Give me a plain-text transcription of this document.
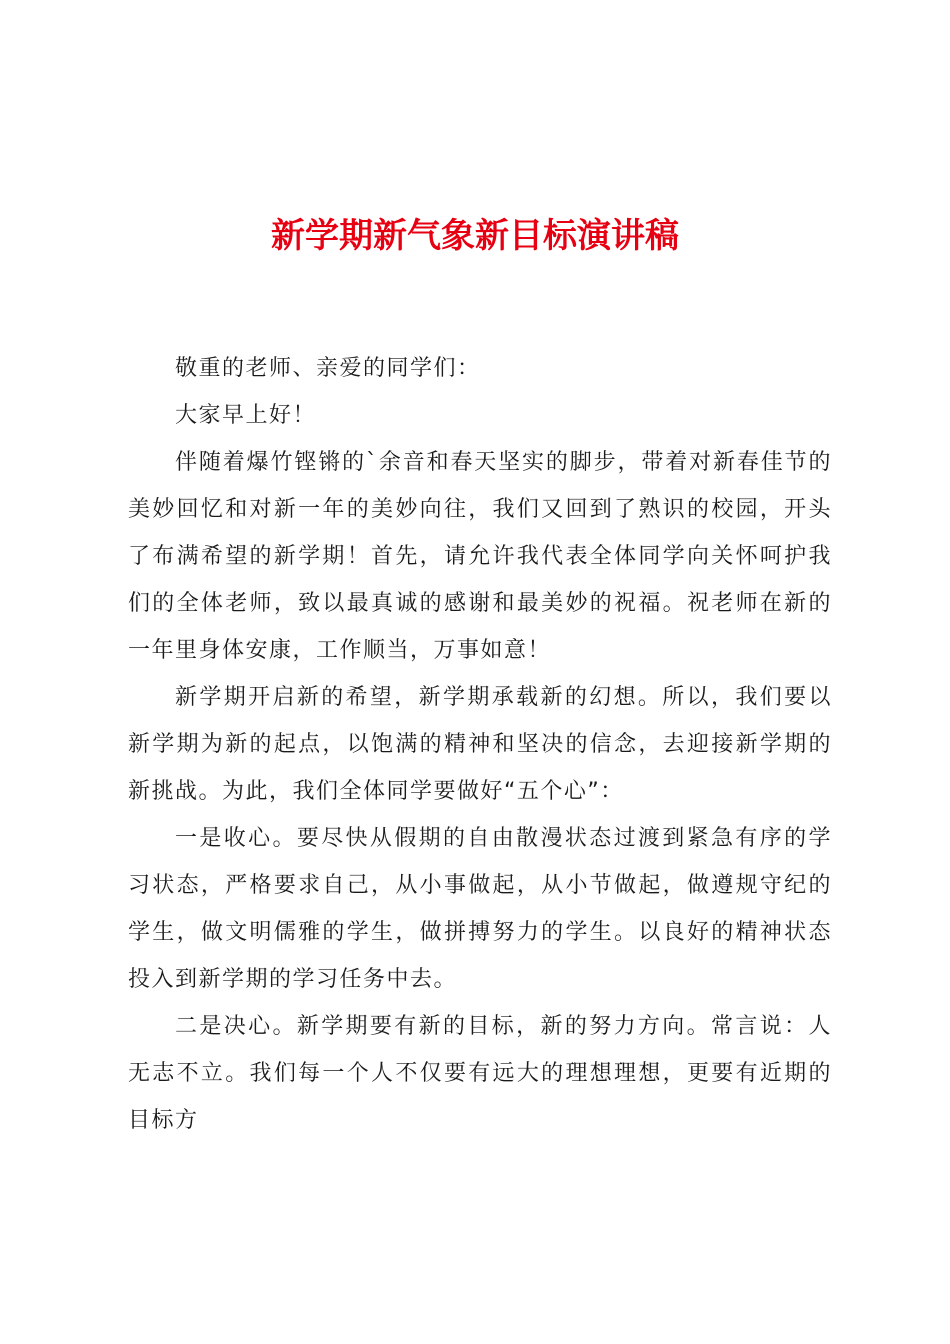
新学期新气象新目标演讲稿

敬重的老师、亲爱的同学们：

大家早上好！

伴随着爆竹铿锵的`余音和春天坚实的脚步，带着对新春佳节的美妙回忆和对新一年的美妙向往，我们又回到了熟识的校园，开头了布满希望的新学期！首先，请允许我代表全体同学向关怀呵护我们的全体老师，致以最真诚的感谢和最美妙的祝福。祝老师在新的一年里身体安康，工作顺当，万事如意！

新学期开启新的希望，新学期承载新的幻想。所以，我们要以新学期为新的起点，以饱满的精神和坚决的信念，去迎接新学期的新挑战。为此，我们全体同学要做好“五个心”：

一是收心。要尽快从假期的自由散漫状态过渡到紧急有序的学习状态，严格要求自己，从小事做起，从小节做起，做遵规守纪的学生，做文明儒雅的学生，做拼搏努力的学生。以良好的精神状态投入到新学期的学习任务中去。

二是决心。新学期要有新的目标，新的努力方向。常言说：人无志不立。我们每一个人不仅要有远大的理想理想，更要有近期的目标方
